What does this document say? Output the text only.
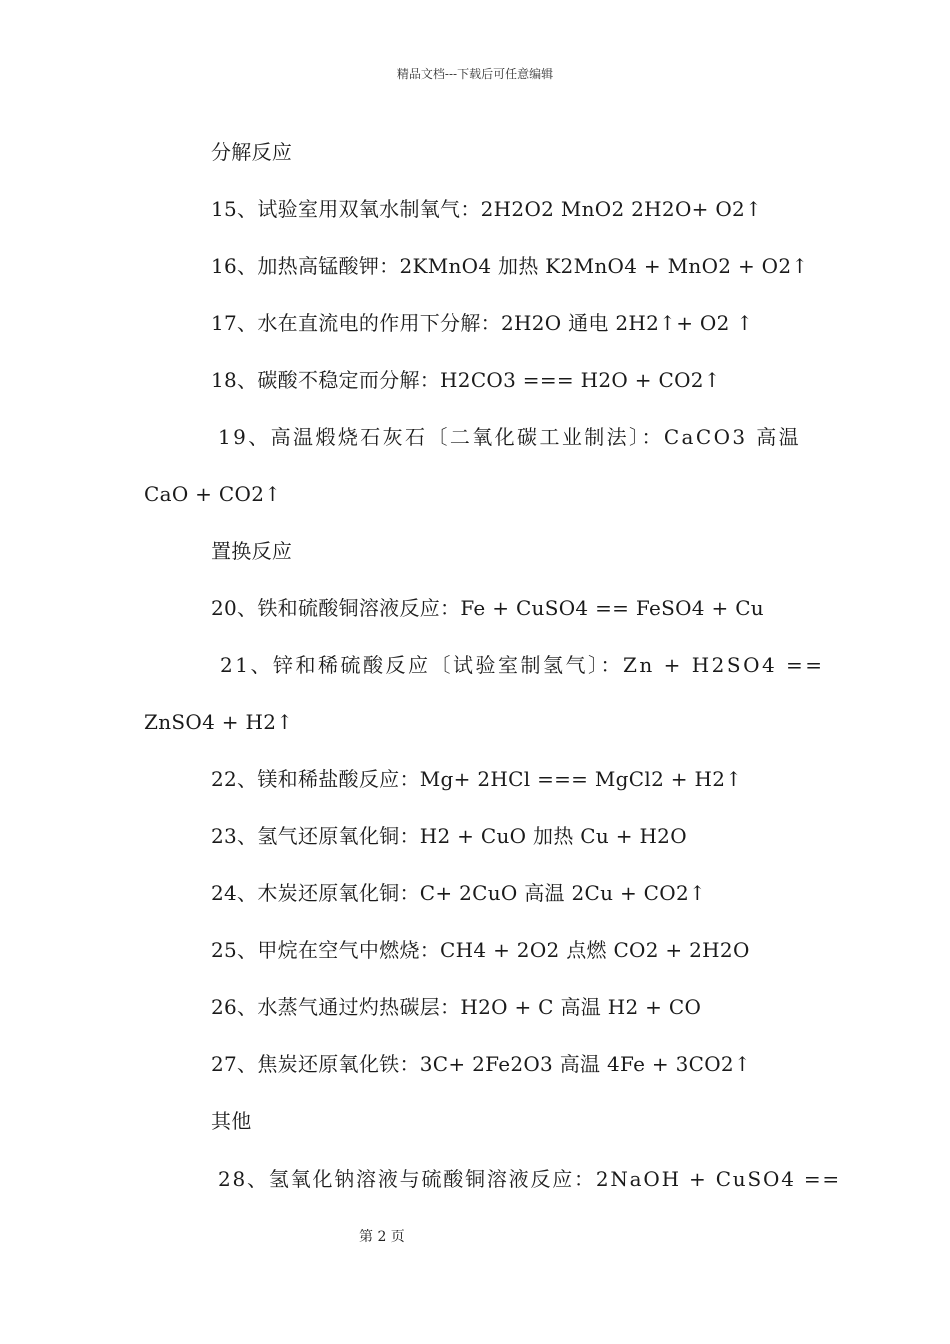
精品文档---下载后可任意编辑
分解反应
15、试验室用双氧水制氧气：2H2O2 MnO2 2H2O+ O2↑
16、加热高锰酸钾：2KMnO4 加热 K2MnO4 + MnO2 + O2↑
17、水在直流电的作用下分解：2H2O 通电 2H2↑+ O2 ↑
18、碳酸不稳定而分解：H2CO3 === H2O + CO2↑
19、高温煅烧石灰石〔二氧化碳工业制法〕：CaCO3 高温
CaO + CO2↑
置换反应
20、铁和硫酸铜溶液反应：Fe + CuSO4 == FeSO4 + Cu
21、锌和稀硫酸反应〔试验室制氢气〕：Zn + H2SO4 ==
ZnSO4 + H2↑
22、镁和稀盐酸反应：Mg+ 2HCl === MgCl2 + H2↑
23、氢气还原氧化铜：H2 + CuO 加热 Cu + H2O
24、木炭还原氧化铜：C+ 2CuO 高温 2Cu + CO2↑
25、甲烷在空气中燃烧：CH4 + 2O2 点燃 CO2 + 2H2O
26、水蒸气通过灼热碳层：H2O + C 高温 H2 + CO
27、焦炭还原氧化铁：3C+ 2Fe2O3 高温 4Fe + 3CO2↑
其他
28、氢氧化钠溶液与硫酸铜溶液反应：2NaOH + CuSO4 ==
第 2 页
